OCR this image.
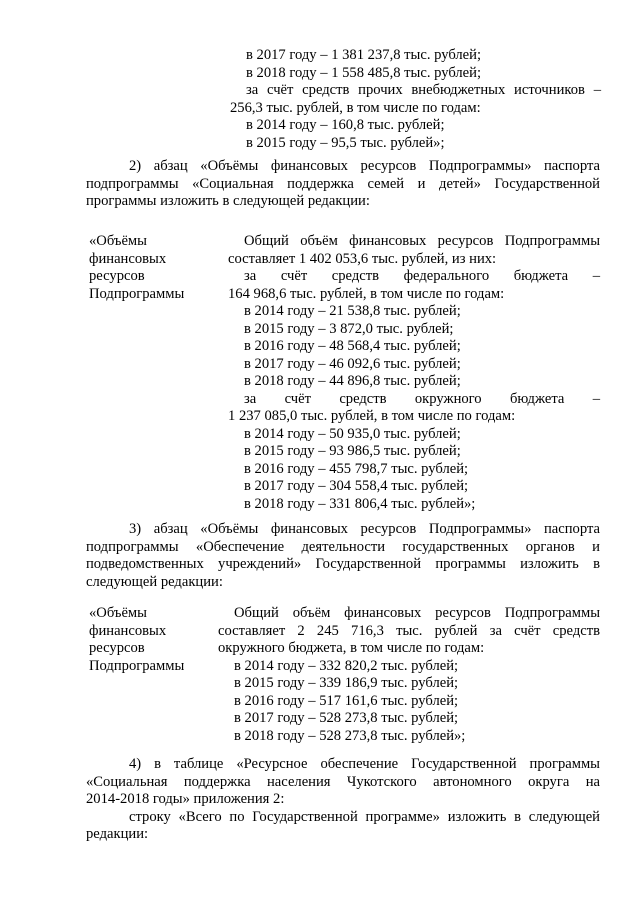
в 2017 году – 1 381 237,8 тыс. рублей;
в 2018 году – 1 558 485,8 тыс. рублей;
за счёт средств прочих внебюджетных источников –
256,3 тыс. рублей, в том числе по годам:
в 2014 году – 160,8 тыс. рублей;
в 2015 году – 95,5 тыс. рублей»;
2) абзац «Объёмы финансовых ресурсов Подпрограммы» паспорта
подпрограммы «Социальная поддержка семей и детей» Государственной
программы изложить в следующей редакции:
«Объёмы
финансовых
ресурсов
Подпрограммы
Общий объём финансовых ресурсов Подпрограммы
составляет 1 402 053,6 тыс. рублей, из них:
за счёт средств федерального бюджета –
164 968,6 тыс. рублей, в том числе по годам:
в 2014 году – 21 538,8 тыс. рублей;
в 2015 году – 3 872,0 тыс. рублей;
в 2016 году – 48 568,4 тыс. рублей;
в 2017 году – 46 092,6 тыс. рублей;
в 2018 году – 44 896,8 тыс. рублей;
за счёт средств окружного бюджета –
1 237 085,0 тыс. рублей, в том числе по годам:
в 2014 году – 50 935,0 тыс. рублей;
в 2015 году – 93 986,5 тыс. рублей;
в 2016 году – 455 798,7 тыс. рублей;
в 2017 году – 304 558,4 тыс. рублей;
в 2018 году – 331 806,4 тыс. рублей»;
3) абзац «Объёмы финансовых ресурсов Подпрограммы» паспорта
подпрограммы «Обеспечение деятельности государственных органов и
подведомственных учреждений» Государственной программы изложить в
следующей редакции:
«Объёмы
финансовых
ресурсов
Подпрограммы
Общий объём финансовых ресурсов Подпрограммы
составляет 2 245 716,3 тыс. рублей за счёт средств
окружного бюджета, в том числе по годам:
в 2014 году – 332 820,2 тыс. рублей;
в 2015 году – 339 186,9 тыс. рублей;
в 2016 году – 517 161,6 тыс. рублей;
в 2017 году – 528 273,8 тыс. рублей;
в 2018 году – 528 273,8 тыс. рублей»;
4) в таблице «Ресурсное обеспечение Государственной программы
«Социальная поддержка населения Чукотского автономного округа на
2014-2018 годы» приложения 2:
строку «Всего по Государственной программе» изложить в следующей
редакции:
